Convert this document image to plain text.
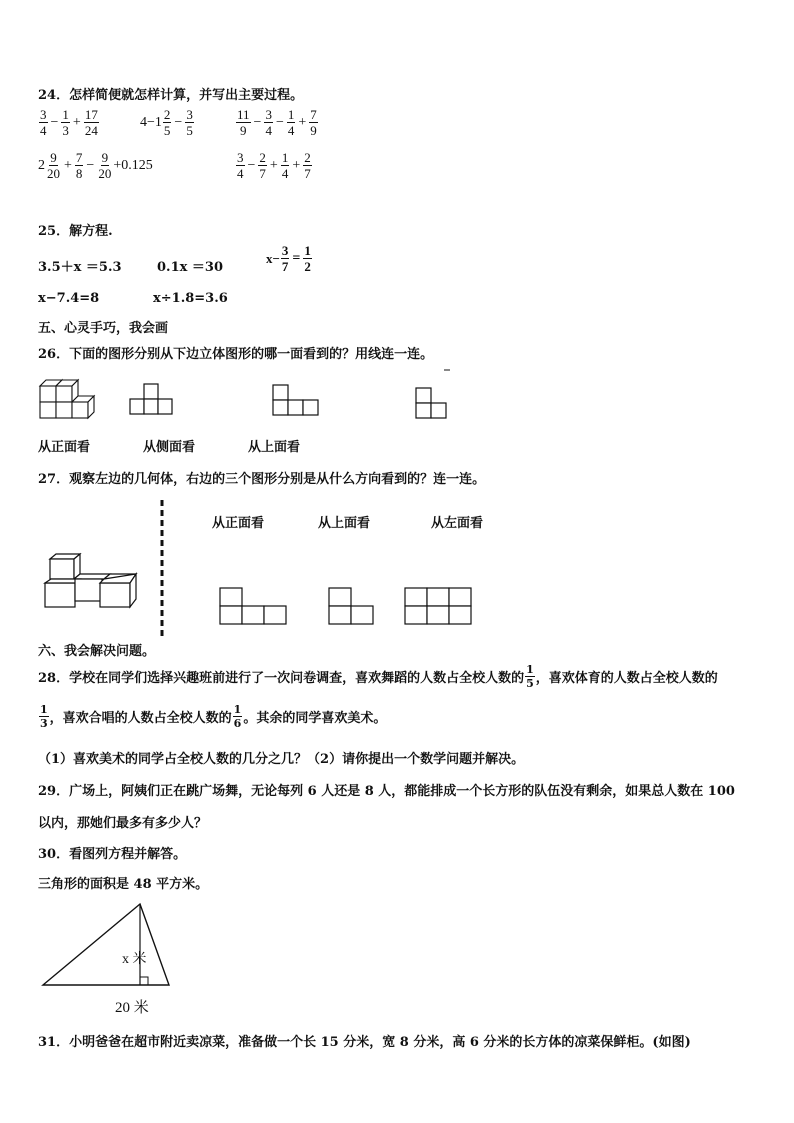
24．怎样简便就怎样计算，并写出主要过程。
$\frac{3}{4} - \frac{1}{3} + \frac{17}{24}$	$4-1 \frac{2}{5} - \frac{3}{5}$	$\frac{11}{9} - \frac{3}{4} - \frac{1}{4} + \frac{7}{9}$
$2 \frac{9}{20} + \frac{7}{8} - \frac{9}{20} +0.125$	$\frac{3}{4} - \frac{2}{7} + \frac{1}{4} + \frac{2}{7}$
25．解方程.
3.5＋x ＝5.3	0.1x ＝30
$x- \frac{3}{7} = \frac{1}{2}$
x−7.4=8	x÷1.8=3.6
五、心灵手巧，我会画
26．下面的图形分别从下边立体图形的哪一面看到的？用线连一连。
从正面看	从侧面看	从上面看
27．观察左边的几何体，右边的三个图形分别是从什么方向看到的？连一连。
从正面看	从上面看	从左面看
六、我会解决问题。
28．学校在同学们选择兴趣班前进行了一次问卷调查，喜欢舞蹈的人数占全校人数的 $\frac{1}{5}$ ，喜欢体育的人数占全校人数的
$\frac{1}{3}$ ，喜欢合唱的人数占全校人数的 $\frac{1}{6}$ 。其余的同学喜欢美术。
（1）喜欢美术的同学占全校人数的几分之几？（2）请你提出一个数学问题并解决。
29．广场上，阿姨们正在跳广场舞，无论每列 6 人还是 8 人，都能排成一个长方形的队伍没有剩余，如果总人数在 100
以内，那她们最多有多少人？
30．看图列方程并解答。
三角形的面积是 48 平方米。
x 米
20 米
31．小明爸爸在超市附近卖凉菜，准备做一个长 15 分米，宽 8 分米，高 6 分米的长方体的凉菜保鲜柜。(如图)
